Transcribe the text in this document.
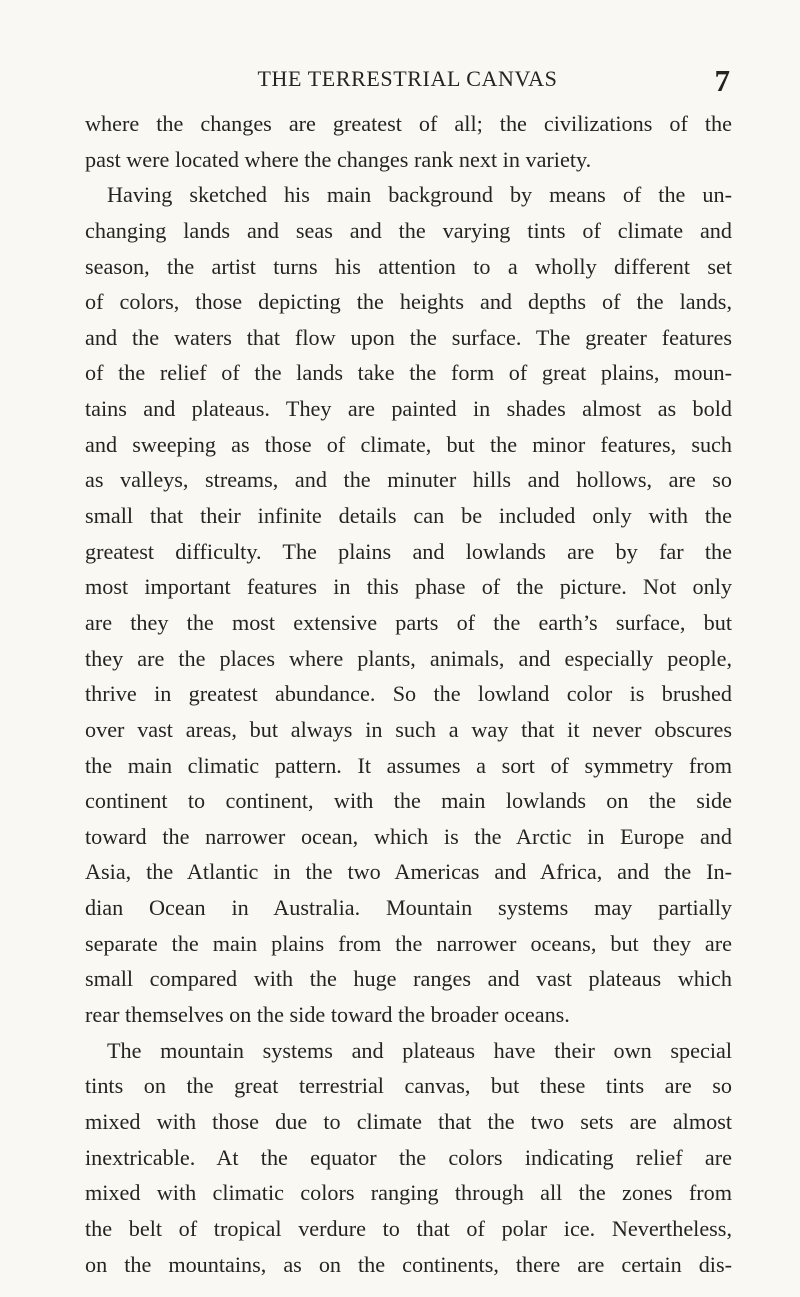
THE TERRESTRIAL CANVAS	7
where the changes are greatest of all; the civilizations of the
past were located where the changes rank next in variety.
Having sketched his main background by means of the un-
changing lands and seas and the varying tints of climate and
season, the artist turns his attention to a wholly different set
of colors, those depicting the heights and depths of the lands,
and the waters that flow upon the surface. The greater features
of the relief of the lands take the form of great plains, moun-
tains and plateaus. They are painted in shades almost as bold
and sweeping as those of climate, but the minor features, such
as valleys, streams, and the minuter hills and hollows, are so
small that their infinite details can be included only with the
greatest difficulty. The plains and lowlands are by far the
most important features in this phase of the picture. Not only
are they the most extensive parts of the earth’s surface, but
they are the places where plants, animals, and especially people,
thrive in greatest abundance. So the lowland color is brushed
over vast areas, but always in such a way that it never obscures
the main climatic pattern. It assumes a sort of symmetry from
continent to continent, with the main lowlands on the side
toward the narrower ocean, which is the Arctic in Europe and
Asia, the Atlantic in the two Americas and Africa, and the In-
dian Ocean in Australia. Mountain systems may partially
separate the main plains from the narrower oceans, but they are
small compared with the huge ranges and vast plateaus which
rear themselves on the side toward the broader oceans.
The mountain systems and plateaus have their own special
tints on the great terrestrial canvas, but these tints are so
mixed with those due to climate that the two sets are almost
inextricable. At the equator the colors indicating relief are
mixed with climatic colors ranging through all the zones from
the belt of tropical verdure to that of polar ice. Nevertheless,
on the mountains, as on the continents, there are certain dis-
